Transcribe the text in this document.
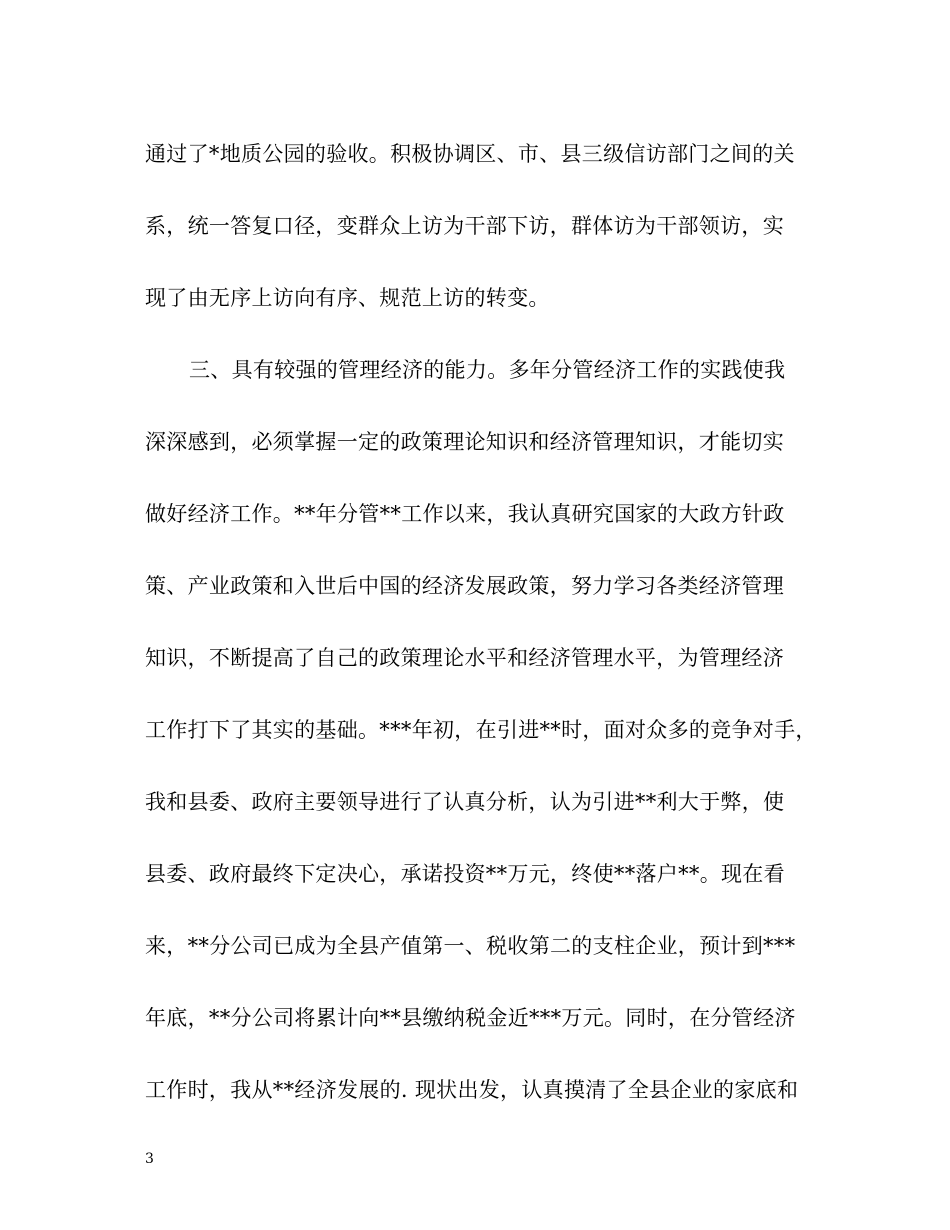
通过了*地质公园的验收。积极协调区、市、县三级信访部门之间的关
系，统一答复口径，变群众上访为干部下访，群体访为干部领访，实
现了由无序上访向有序、规范上访的转变。
三、具有较强的管理经济的能力。多年分管经济工作的实践使我
深深感到，必须掌握一定的政策理论知识和经济管理知识，才能切实
做好经济工作。**年分管**工作以来，我认真研究国家的大政方针政
策、产业政策和入世后中国的经济发展政策，努力学习各类经济管理
知识，不断提高了自己的政策理论水平和经济管理水平，为管理经济
工作打下了其实的基础。***年初，在引进**时，面对众多的竞争对手，
我和县委、政府主要领导进行了认真分析，认为引进**利大于弊，使
县委、政府最终下定决心，承诺投资**万元，终使**落户**。现在看
来，**分公司已成为全县产值第一、税收第二的支柱企业，预计到***
年底，**分公司将累计向**县缴纳税金近***万元。同时，在分管经济
工作时，我从**经济发展的. 现状出发，认真摸清了全县企业的家底和
3
